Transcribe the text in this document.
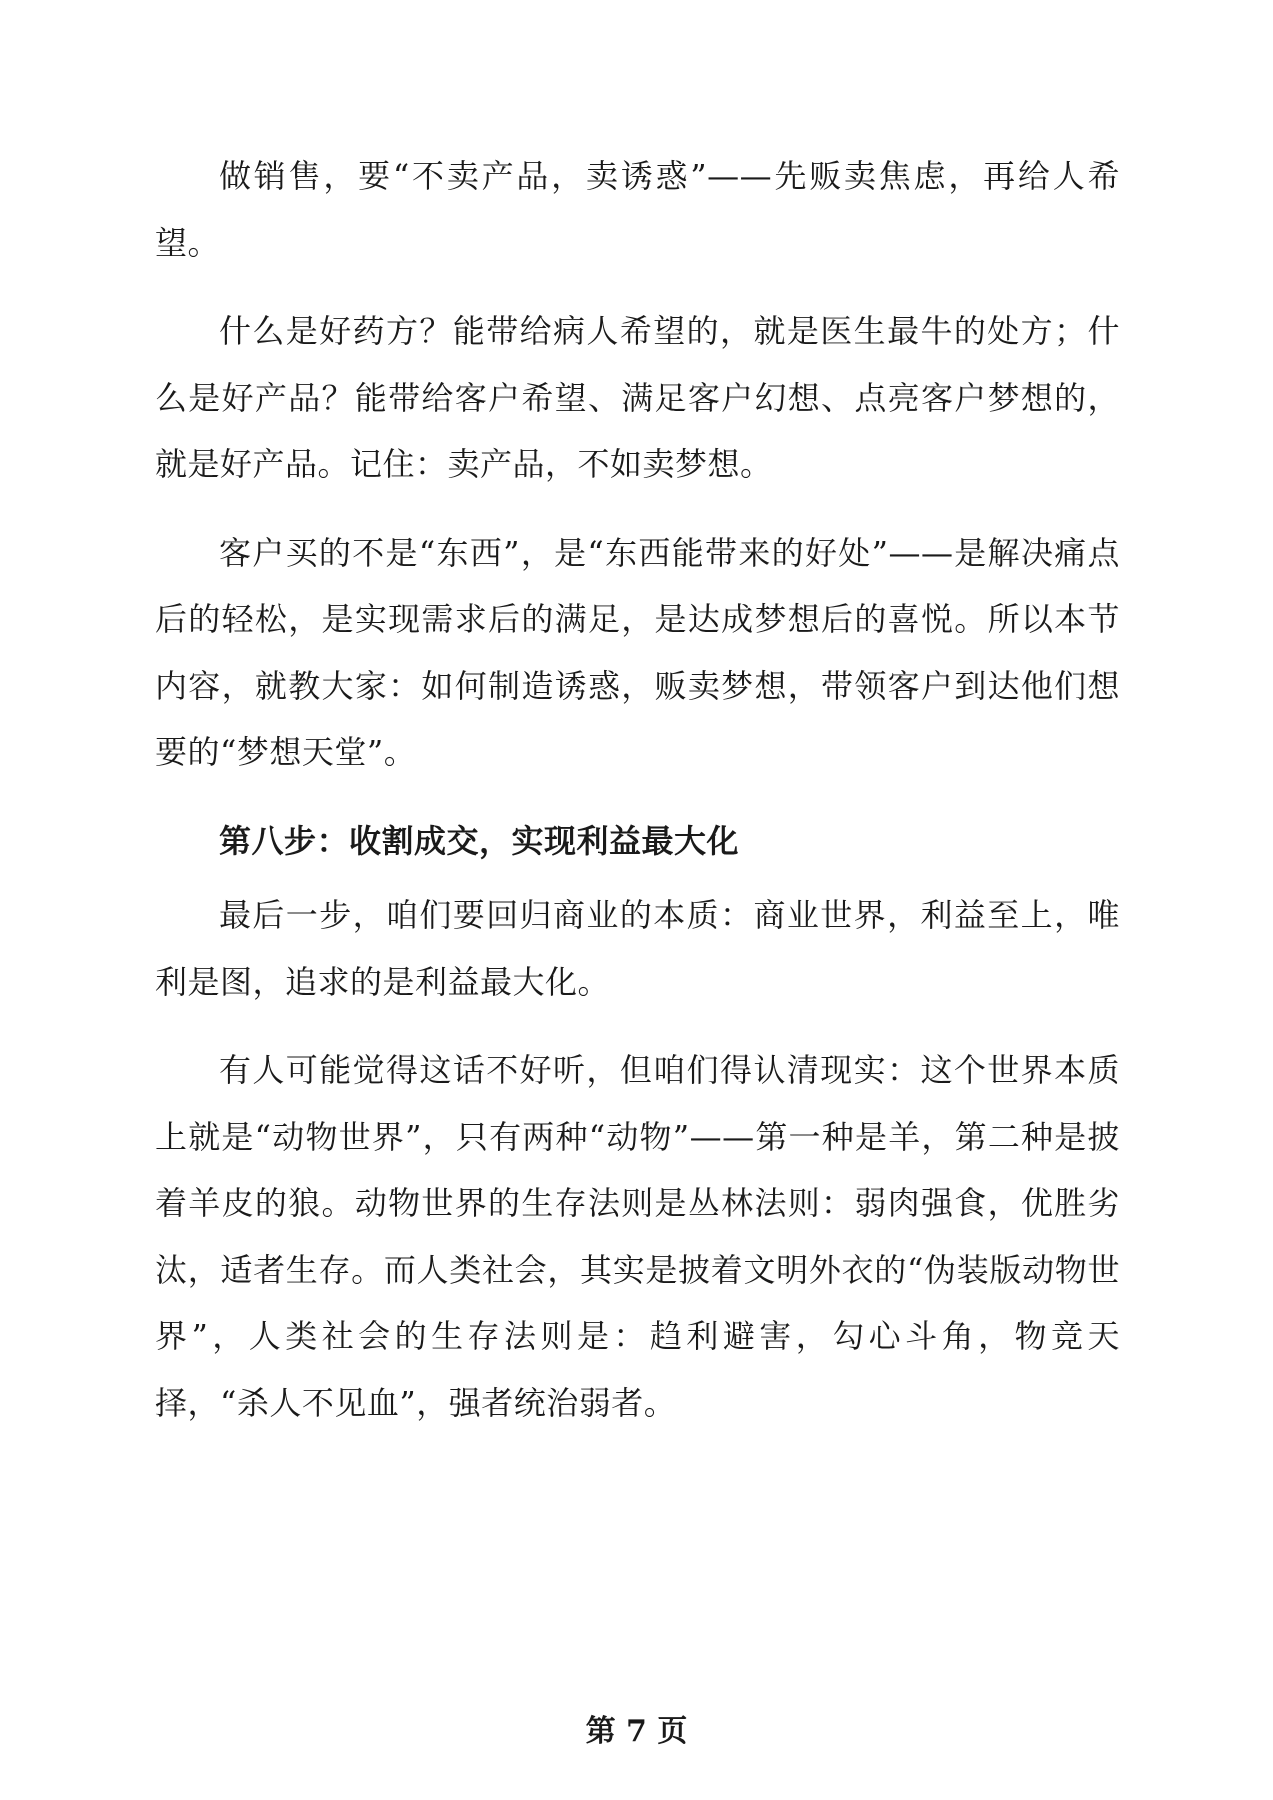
做销售，要“不卖产品，卖诱惑”——先贩卖焦虑，再给人希望。

什么是好药方？能带给病人希望的，就是医生最牛的处方；什么是好产品？能带给客户希望、满足客户幻想、点亮客户梦想的，就是好产品。记住：卖产品，不如卖梦想。

客户买的不是“东西”，是“东西能带来的好处”——是解决痛点后的轻松，是实现需求后的满足，是达成梦想后的喜悦。所以本节内容，就教大家：如何制造诱惑，贩卖梦想，带领客户到达他们想要的“梦想天堂”。

第八步：收割成交，实现利益最大化

最后一步，咱们要回归商业的本质：商业世界，利益至上，唯利是图，追求的是利益最大化。

有人可能觉得这话不好听，但咱们得认清现实：这个世界本质上就是“动物世界”，只有两种“动物”——第一种是羊，第二种是披着羊皮的狼。动物世界的生存法则是丛林法则：弱肉强食，优胜劣汰，适者生存。而人类社会，其实是披着文明外衣的“伪装版动物世界”，人类社会的生存法则是：趋利避害，勾心斗角，物竞天择，“杀人不见血”，强者统治弱者。

第 7 页
